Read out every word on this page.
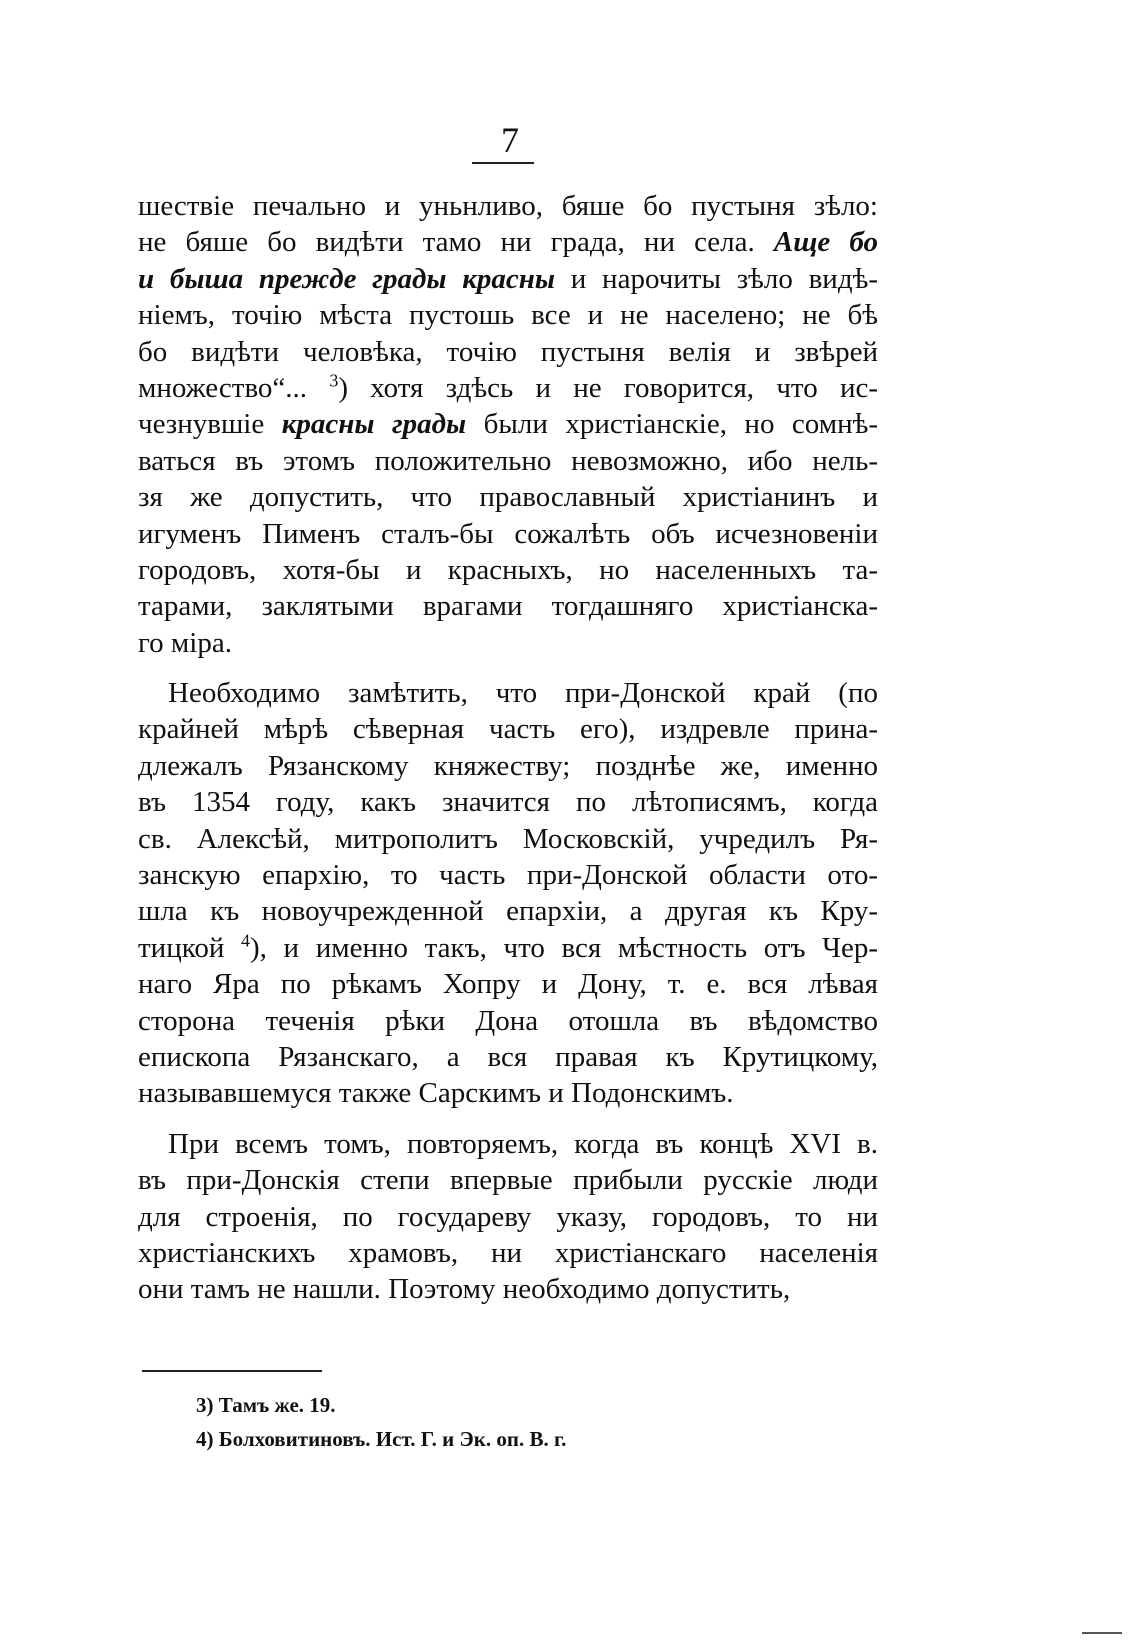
7
шествіе печально и уньнливо, бяше бо пустыня зѣло:
не бяше бо видѣти тамо ни града, ни села. Аще бо
и быша прежде грады красны и нарочиты зѣло видѣ-
ніемъ, точію мѣста пустошь все и не населено; не бѣ
бо видѣти человѣка, точію пустыня велія и звѣрей
множество“... $^3$) хотя здѣсь и не говорится, что ис-
чезнувшіе красны грады были христіанскіе, но сомнѣ-
ваться въ этомъ положительно невозможно, ибо нель-
зя же допустить, что православный христіанинъ и
игуменъ Пименъ сталъ-бы сожалѣть объ исчезновеніи
городовъ, хотя-бы и красныхъ, но населенныхъ та-
тарами, заклятыми врагами тогдашняго христіанска-
го міра.
Необходимо замѣтить, что при-Донской край (по
крайней мѣрѣ сѣверная часть его), издревле прина-
длежалъ Рязанскому княжеству; позднѣе же, именно
въ 1354 году, какъ значится по лѣтописямъ, когда
св. Алексѣй, митрополитъ Московскій, учредилъ Ря-
занскую епархію, то часть при-Донской области ото-
шла къ новоучрежденной епархіи, а другая къ Кру-
тицкой $^4$), и именно такъ, что вся мѣстность отъ Чер-
наго Яра по рѣкамъ Хопру и Дону, т. е. вся лѣвая
сторона теченія рѣки Дона отошла въ вѣдомство
епископа Рязанскаго, а вся правая къ Крутицкому,
называвшемуся также Сарскимъ и Подонскимъ.
При всемъ томъ, повторяемъ, когда въ концѣ XVI в.
въ при-Донскія степи впервые прибыли русскіе люди
для строенія, по государеву указу, городовъ, то ни
христіанскихъ храмовъ, ни христіанскаго населенія
они тамъ не нашли. Поэтому необходимо допустить,
3) Тамъ же. 19.
4) Болховитиновъ. Ист. Г. и Эк. оп. В. г.
